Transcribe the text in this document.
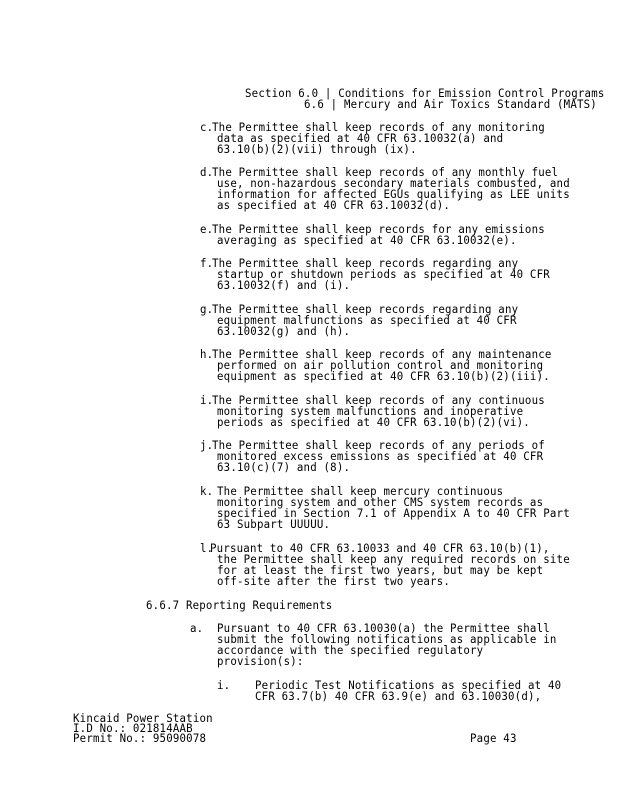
Section 6.0 | Conditions for Emission Control Programs
6.6 | Mercury and Air Toxics Standard (MATS)
c.
The Permittee shall keep records of any monitoring
data as specified at 40 CFR 63.10032(a) and
63.10(b)(2)(vii) through (ix).
d.
The Permittee shall keep records of any monthly fuel
use, non-hazardous secondary materials combusted, and
information for affected EGUs qualifying as LEE units
as specified at 40 CFR 63.10032(d).
e.
The Permittee shall keep records for any emissions
averaging as specified at 40 CFR 63.10032(e).
f.
The Permittee shall keep records regarding any
startup or shutdown periods as specified at 40 CFR
63.10032(f) and (i).
g.
The Permittee shall keep records regarding any
equipment malfunctions as specified at 40 CFR
63.10032(g) and (h).
h.
The Permittee shall keep records of any maintenance
performed on air pollution control and monitoring
equipment as specified at 40 CFR 63.10(b)(2)(iii).
i.
The Permittee shall keep records of any continuous
monitoring system malfunctions and inoperative
periods as specified at 40 CFR 63.10(b)(2)(vi).
j.
The Permittee shall keep records of any periods of
monitored excess emissions as specified at 40 CFR
63.10(c)(7) and (8).
k. The Permittee shall keep mercury continuous
monitoring system and other CMS system records as
specified in Section 7.1 of Appendix A to 40 CFR Part
63 Subpart UUUUU.
l.
Pursuant to 40 CFR 63.10033 and 40 CFR 63.10(b)(1),
the Permittee shall keep any required records on site
for at least the first two years, but may be kept
off-site after the first two years.
6.6.7 Reporting Requirements
a. Pursuant to 40 CFR 63.10030(a) the Permittee shall
submit the following notifications as applicable in
accordance with the specified regulatory
provision(s):
i. Periodic Test Notifications as specified at 40
CFR 63.7(b) 40 CFR 63.9(e) and 63.10030(d),
Kincaid Power Station
I.D No.: 021814AAB
Permit No.: 95090078	Page 43
